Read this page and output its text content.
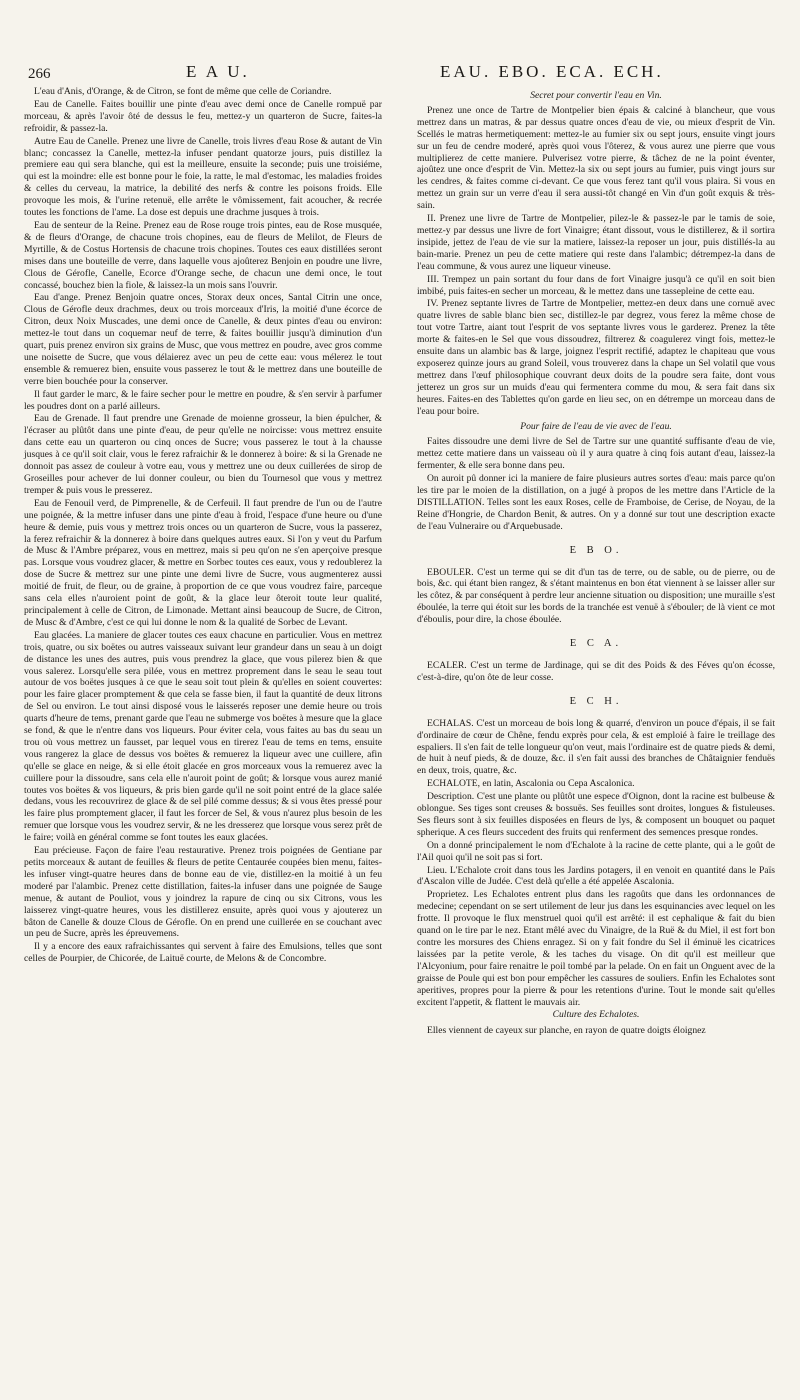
266	E A U.	EAU. EBO. ECA. ECH.

L'eau d'Anis, d'Orange, & de Citron, se font de même que celle de Coriandre.

Eau de Canelle. Faites bouillir une pinte d'eau avec demi once de Canelle rompuë par morceau, & après l'avoir ôté de dessus le feu, mettez-y un quarteron de Sucre, faites-la refroidir, & passez-la.

Autre Eau de Canelle. Prenez une livre de Canelle, trois livres d'eau Rose & autant de Vin blanc; concassez la Canelle, mettez-la infuser pendant quatorze jours, puis distillez la premiere eau qui sera blanche, qui est la meilleure, ensuite la seconde; puis une troisiéme, qui est la moindre: elle est bonne pour le foie, la ratte, le mal d'estomac, les maladies froides & celles du cerveau, la matrice, la debilité des nerfs & contre les poisons froids. Elle provoque les mois, & l'urine retenuë, elle arrête le vômissement, fait acoucher, & recrée toutes les fonctions de l'ame. La dose est depuis une drachme jusques à trois.

Eau de senteur de la Reine. Prenez eau de Rose rouge trois pintes, eau de Rose musquée, & de fleurs d'Orange, de chacune trois chopines, eau de fleurs de Melilot, de Fleurs de Myrtille, & de Costus Hortensis de chacune trois chopines. Toutes ces eaux distillées seront mises dans une bouteille de verre, dans laquelle vous ajoûterez Benjoin en poudre une livre, Clous de Gérofle, Canelle, Ecorce d'Orange seche, de chacun une demi once, le tout concassé, bouchez bien la fiole, & laissez-la un mois sans l'ouvrir.

Eau d'ange. Prenez Benjoin quatre onces, Storax deux onces, Santal Citrin une once, Clous de Gérofle deux drachmes, deux ou trois morceaux d'Iris, la moitié d'une écorce de Citron, deux Noix Muscades, une demi once de Canelle, & deux pintes d'eau ou environ: mettez-le tout dans un coquemar neuf de terre, & faites bouillir jusqu'à diminution d'un quart, puis prenez environ six grains de Musc, que vous mettrez en poudre, avec gros comme une noisette de Sucre, que vous délaierez avec un peu de cette eau: vous mélerez le tout ensemble & remuerez bien, ensuite vous passerez le tout & le mettrez dans une bouteille de verre bien bouchée pour la conserver.

Il faut garder le marc, & le faire secher pour le mettre en poudre, & s'en servir à parfumer les poudres dont on a parlé ailleurs.

Eau de Grenade. Il faut prendre une Grenade de moienne grosseur, la bien épulcher, & l'écraser au plûtôt dans une pinte d'eau, de peur qu'elle ne noircisse: vous mettrez ensuite dans cette eau un quarteron ou cinq onces de Sucre; vous passerez le tout à la chausse jusques à ce qu'il soit clair, vous le ferez rafraichir & le donnerez à boire: & si la Grenade ne donnoit pas assez de couleur à votre eau, vous y mettrez une ou deux cuillerées de sirop de Groseilles pour achever de lui donner couleur, ou bien du Tournesol que vous y mettrez tremper & puis vous le presserez.

Eau de Fenouil verd, de Pimprenelle, & de Cerfeuil. Il faut prendre de l'un ou de l'autre une poignée, & la mettre infuser dans une pinte d'eau à froid, l'espace d'une heure ou d'une heure & demie, puis vous y mettrez trois onces ou un quarteron de Sucre, vous la passerez, la ferez refraichir & la donnerez à boire dans quelques autres eaux. Si l'on y veut du Parfum de Musc & l'Ambre préparez, vous en mettrez, mais si peu qu'on ne s'en aperçoive presque pas. Lorsque vous voudrez glacer, & mettre en Sorbec toutes ces eaux, vous y redoublerez la dose de Sucre & mettrez sur une pinte une demi livre de Sucre, vous augmenterez aussi moitié de fruit, de fleur, ou de graine, à proportion de ce que vous voudrez faire, parceque sans cela elles n'auroient point de goût, & la glace leur ôteroit toute leur qualité, principalement à celle de Citron, de Limonade. Mettant ainsi beaucoup de Sucre, de Citron, de Musc & d'Ambre, c'est ce qui lui donne le nom & la qualité de Sorbec de Levant.

Eau glacées. La maniere de glacer toutes ces eaux chacune en particulier. Vous en mettrez trois, quatre, ou six boëtes ou autres vaisseaux suivant leur grandeur dans un seau à un doigt de distance les unes des autres, puis vous prendrez la glace, que vous pilerez bien & que vous salerez. Lorsqu'elle sera pilée, vous en mettrez proprement dans le seau le seau tout autour de vos boëtes jusques à ce que le seau soit tout plein & qu'elles en soient couvertes: pour les faire glacer promptement & que cela se fasse bien, il faut la quantité de deux litrons de Sel ou environ. Le tout ainsi disposé vous le laisserés reposer une demie heure ou trois quarts d'heure de tems, prenant garde que l'eau ne submerge vos boëtes à mesure que la glace se fond, & que le n'entre dans vos liqueurs. Pour éviter cela, vous faites au bas du seau un trou où vous mettrez un fausset, par lequel vous en tirerez l'eau de tems en tems, ensuite vous rangerez la glace de dessus vos boëtes & remuerez la liqueur avec une cuillere, afin qu'elle se glace en neige, & si elle étoit glacée en gros morceaux vous la remuerez avec la cuillere pour la dissoudre, sans cela elle n'auroit point de goût; & lorsque vous aurez manié toutes vos boëtes & vos liqueurs, & pris bien garde qu'il ne soit point entré de la glace salée dedans, vous les recouvrirez de glace & de sel pilé comme dessus; & si vous êtes pressé pour les faire plus promptement glacer, il faut les forcer de Sel, & vous n'aurez plus besoin de les remuer que lorsque vous les voudrez servir, & ne les dresserez que lorsque vous serez prêt de le faire; voilà en général comme se font toutes les eaux glacées.

Eau précieuse. Façon de faire l'eau restaurative. Prenez trois poignées de Gentiane par petits morceaux & autant de feuilles & fleurs de petite Centaurée coupées bien menu, faites-les infuser vingt-quatre heures dans de bonne eau de vie, distillez-en la moitié à un feu moderé par l'alambic. Prenez cette distillation, faites-la infuser dans une poignée de Sauge menue, & autant de Pouliot, vous y joindrez la rapure de cinq ou six Citrons, vous les laisserez vingt-quatre heures, vous les distillerez ensuite, après quoi vous y ajouterez un bâton de Canelle & douze Clous de Gérofle. On en prend une cuillerée en se couchant avec un peu de Sucre, après les épreuvemens.

Il y a encore des eaux rafraichissantes qui servent à faire des Emulsions, telles que sont celles de Pourpier, de Chicorée, de Laituë courte, de Melons & de Concombre.

Secret pour convertir l'eau en Vin.

Prenez une once de Tartre de Montpelier bien épais & calciné à blancheur, que vous mettrez dans un matras, & par dessus quatre onces d'eau de vie, ou mieux d'esprit de Vin. Scellés le matras hermetiquement: mettez-le au fumier six ou sept jours, ensuite vingt jours sur un feu de cendre moderé, après quoi vous l'ôterez, & vous aurez une pierre que vous multiplierez de cette maniere. Pulverisez votre pierre, & tâchez de ne la point éventer, ajoûtez une once d'esprit de Vin. Mettez-la six ou sept jours au fumier, puis vingt jours sur les cendres, & faites comme ci-devant. Ce que vous ferez tant qu'il vous plaira. Si vous en mettez un grain sur un verre d'eau il sera aussi-tôt changé en Vin d'un goût exquis & très-sain.

II. Prenez une livre de Tartre de Montpelier, pilez-le & passez-le par le tamis de soie, mettez-y par dessus une livre de fort Vinaigre; étant dissout, vous le distillerez, & il sortira insipide, jettez de l'eau de vie sur la matiere, laissez-la reposer un jour, puis distillés-la au bain-marie. Prenez un peu de cette matiere qui reste dans l'alambic; détrempez-la dans de l'eau commune, & vous aurez une liqueur vineuse.

III. Trempez un pain sortant du four dans de fort Vinaigre jusqu'à ce qu'il en soit bien imbibé, puis faites-en secher un morceau, & le mettez dans une tassepleine de cette eau.

IV. Prenez septante livres de Tartre de Montpelier, mettez-en deux dans une cornuë avec quatre livres de sable blanc bien sec, distillez-le par degrez, vous ferez la même chose de tout votre Tartre, aiant tout l'esprit de vos septante livres vous le garderez. Prenez la tête morte & faites-en le Sel que vous dissoudrez, filtrerez & coagulerez vingt fois, mettez-le ensuite dans un alambic bas & large, joignez l'esprit rectifié, adaptez le chapiteau que vous exposerez quinze jours au grand Soleil, vous trouverez dans la chape un Sel volatil que vous mettrez dans l'œuf philosophique couvrant deux doits de la poudre sera faite, dont vous jetterez un gros sur un muids d'eau qui fermentera comme du mou, & sera fait dans six heures. Faites-en des Tablettes qu'on garde en lieu sec, on en détrempe un morceau dans de l'eau pour boire.

Pour faire de l'eau de vie avec de l'eau.

Faites dissoudre une demi livre de Sel de Tartre sur une quantité suffisante d'eau de vie, mettez cette matiere dans un vaisseau où il y aura quatre à cinq fois autant d'eau, laissez-la fermenter, & elle sera bonne dans peu.

On auroit pû donner ici la maniere de faire plusieurs autres sortes d'eau: mais parce qu'on les tire par le moien de la distillation, on a jugé à propos de les mettre dans l'Article de la DISTILLATION. Telles sont les eaux Roses, celle de Framboise, de Cerise, de Noyau, de la Reine d'Hongrie, de Chardon Benit, & autres. On y a donné sur tout une description exacte de l'eau Vulneraire ou d'Arquebusade.

E B O.

EBOULER. C'est un terme qui se dit d'un tas de terre, ou de sable, ou de pierre, ou de bois, &c. qui étant bien rangez, & s'étant maintenus en bon état viennent à se laisser aller sur les côtez, & par conséquent à perdre leur ancienne situation ou disposition; une muraille s'est éboulée, la terre qui étoit sur les bords de la tranchée est venuë à s'ébouler; de là vient ce mot d'éboulis, pour dire, la chose éboulée.

E C A.

ECALER. C'est un terme de Jardinage, qui se dit des Poids & des Féves qu'on écosse, c'est-à-dire, qu'on ôte de leur cosse.

E C H.

ECHALAS. C'est un morceau de bois long & quarré, d'environ un pouce d'épais, il se fait d'ordinaire de cœur de Chêne, fendu exprès pour cela, & est emploié à faire le treillage des espaliers. Il s'en fait de telle longueur qu'on veut, mais l'ordinaire est de quatre pieds & demi, de huit à neuf pieds, & de douze, &c. il s'en fait aussi des branches de Châtaignier fenduës en deux, trois, quatre, &c.

ECHALOTE, en latin, Ascalonia ou Cepa Ascalonica.

Description. C'est une plante ou plûtôt une espece d'Oignon, dont la racine est bulbeuse & oblongue. Ses tiges sont creuses & bossuës. Ses feuilles sont droites, longues & fistuleuses. Ses fleurs sont à six feuilles disposées en fleurs de lys, & composent un bouquet ou paquet spherique. A ces fleurs succedent des fruits qui renferment des semences presque rondes.

On a donné principalement le nom d'Echalote à la racine de cette plante, qui a le goût de l'Ail quoi qu'il ne soit pas si fort.

Lieu. L'Echalote croit dans tous les Jardins potagers, il en venoit en quantité dans le Païs d'Ascalon ville de Judée. C'est delà qu'elle a été appelée Ascalonia.

Proprietez. Les Echalotes entrent plus dans les ragoûts que dans les ordonnances de medecine; cependant on se sert utilement de leur jus dans les esquinancies avec lequel on les frotte. Il provoque le flux menstruel quoi qu'il est arrêté: il est cephalique & fait du bien quand on le tire par le nez. Etant mêlé avec du Vinaigre, de la Ruë & du Miel, il est fort bon contre les morsures des Chiens enragez. Si on y fait fondre du Sel il éminuë les cicatrices laissées par la petite verole, & les taches du visage. On dit qu'il est meilleur que l'Alcyonium, pour faire renaitre le poil tombé par la pelade. On en fait un Onguent avec de la graisse de Poule qui est bon pour empêcher les cassures de souliers. Enfin les Echalotes sont aperitives, propres pour la pierre & pour les retentions d'urine. Tout le monde sait qu'elles excitent l'appetit, & flattent le mauvais air.

Culture des Echalotes.

Elles viennent de cayeux sur planche, en rayon de quatre doigts éloignez
